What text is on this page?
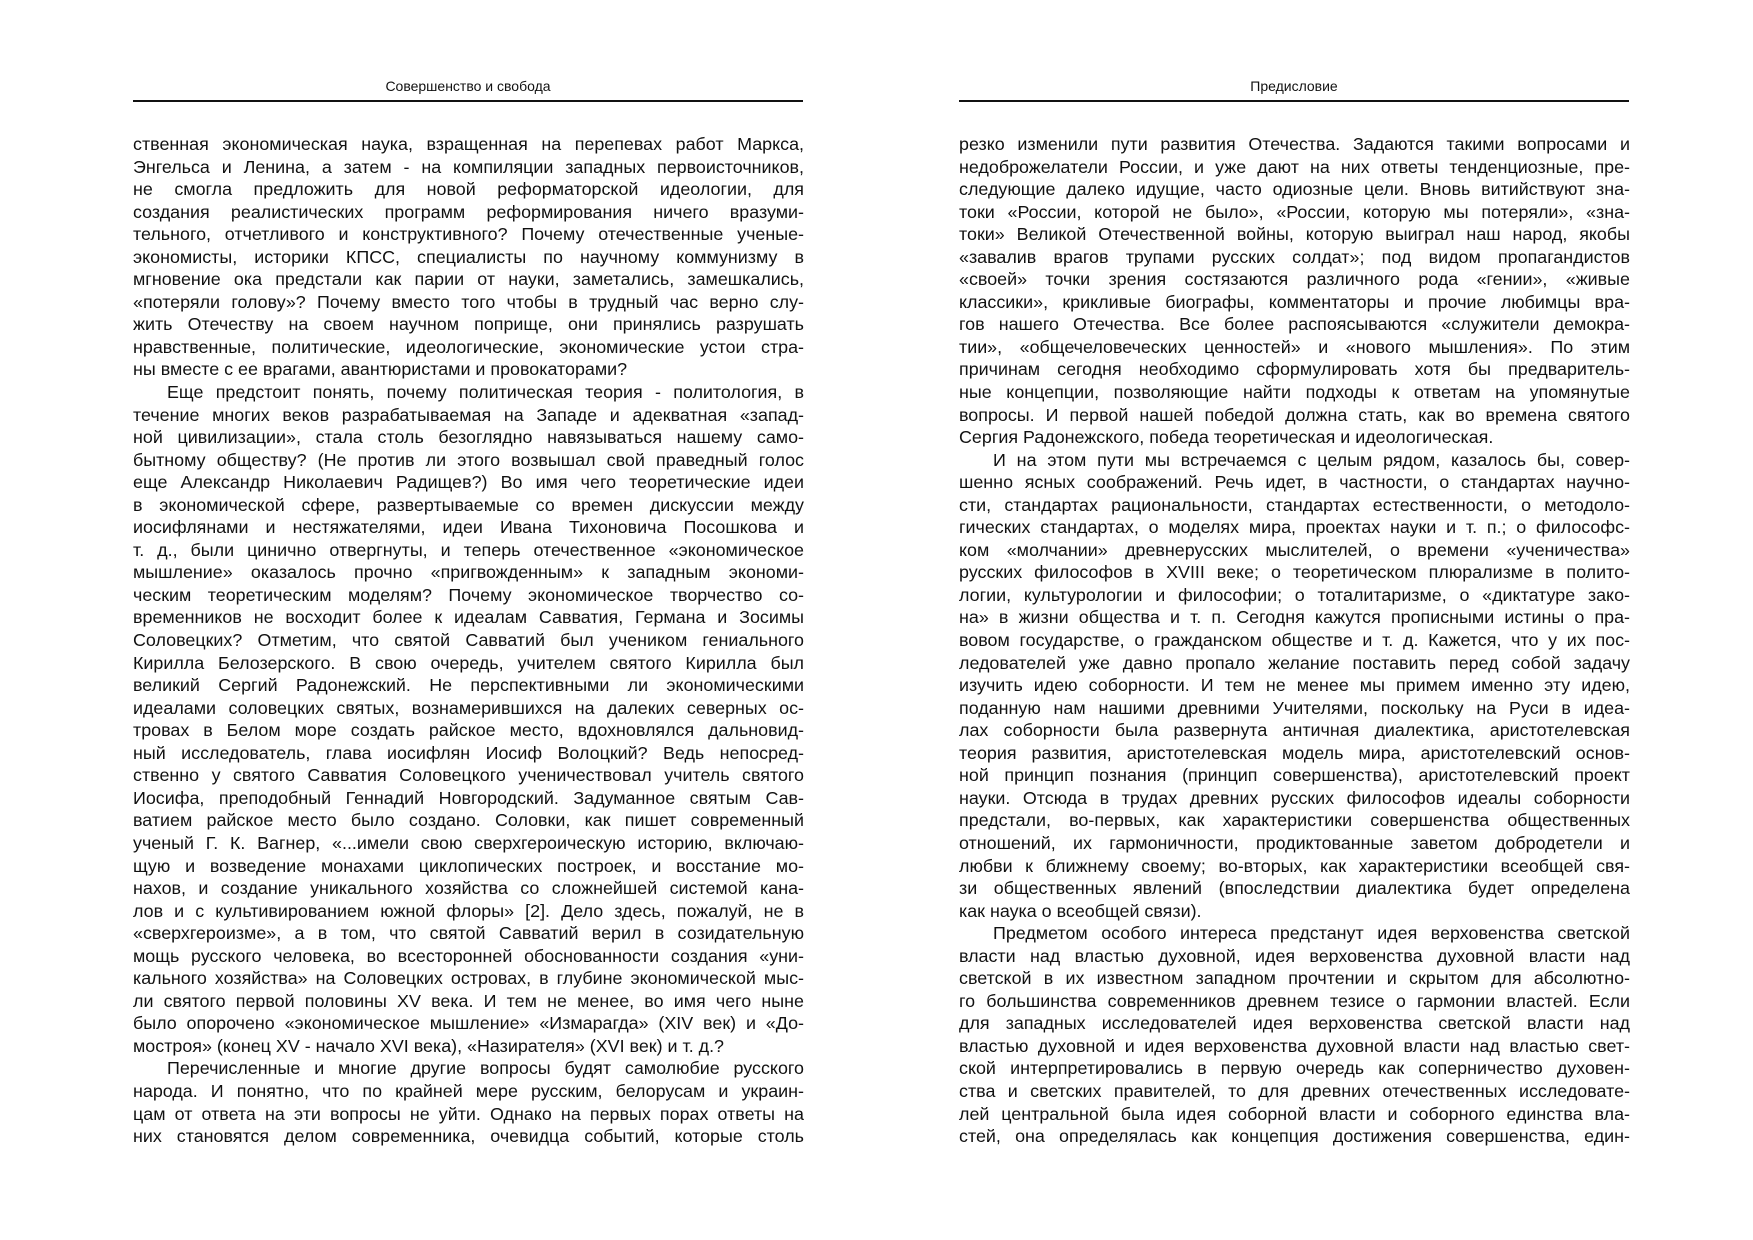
Совершенство и свобода
ственная экономическая наука, взращенная на перепевах работ Маркса,
Энгельса и Ленина, а затем - на компиляции западных первоисточников,
не смогла предложить для новой реформаторской идеологии, для
создания реалистических программ реформирования ничего вразуми-
тельного, отчетливого и конструктивного? Почему отечественные ученые-
экономисты, историки КПСС, специалисты по научному коммунизму в
мгновение ока предстали как парии от науки, заметались, замешкались,
«потеряли голову»? Почему вместо того чтобы в трудный час верно слу-
жить Отечеству на своем научном поприще, они принялись разрушать
нравственные, политические, идеологические, экономические устои стра-
ны вместе с ее врагами, авантюристами и провокаторами?
Еще предстоит понять, почему политическая теория - политология, в
течение многих веков разрабатываемая на Западе и адекватная «запад-
ной цивилизации», стала столь безоглядно навязываться нашему само-
бытному обществу? (Не против ли этого возвышал свой праведный голос
еще Александр Николаевич Радищев?) Во имя чего теоретические идеи
в экономической сфере, развертываемые со времен дискуссии между
иосифлянами и нестяжателями, идеи Ивана Тихоновича Посошкова и
т. д., были цинично отвергнуты, и теперь отечественное «экономическое
мышление» оказалось прочно «пригвожденным» к западным экономи-
ческим теоретическим моделям? Почему экономическое творчество со-
временников не восходит более к идеалам Савватия, Германа и Зосимы
Соловецких? Отметим, что святой Савватий был учеником гениального
Кирилла Белозерского. В свою очередь, учителем святого Кирилла был
великий Сергий Радонежский. Не перспективными ли экономическими
идеалами соловецких святых, вознамерившихся на далеких северных ос-
тровах в Белом море создать райское место, вдохновлялся дальновид-
ный исследователь, глава иосифлян Иосиф Волоцкий? Ведь непосред-
ственно у святого Савватия Соловецкого ученичествовал учитель святого
Иосифа, преподобный Геннадий Новгородский. Задуманное святым Сав-
ватием райское место было создано. Соловки, как пишет современный
ученый Г. К. Вагнер, «...имели свою сверхгероическую историю, включаю-
щую и возведение монахами циклопических построек, и восстание мо-
нахов, и создание уникального хозяйства со сложнейшей системой кана-
лов и с культивированием южной флоры» [2]. Дело здесь, пожалуй, не в
«сверхгероизме», а в том, что святой Савватий верил в созидательную
мощь русского человека, во всесторонней обоснованности создания «уни-
кального хозяйства» на Соловецких островах, в глубине экономической мыс-
ли святого первой половины XV века. И тем не менее, во имя чего ныне
было опорочено «экономическое мышление» «Измарагда» (XIV век) и «До-
мостроя» (конец XV - начало XVI века), «Назирателя» (XVI век) и т. д.?
Перечисленные и многие другие вопросы будят самолюбие русского
народа. И понятно, что по крайней мере русским, белорусам и украин-
цам от ответа на эти вопросы не уйти. Однако на первых порах ответы на
них становятся делом современника, очевидца событий, которые столь
Предисловие
резко изменили пути развития Отечества. Задаются такими вопросами и
недоброжелатели России, и уже дают на них ответы тенденциозные, пре-
следующие далеко идущие, часто одиозные цели. Вновь витийствуют зна-
токи «России, которой не было», «России, которую мы потеряли», «зна-
токи» Великой Отечественной войны, которую выиграл наш народ, якобы
«завалив врагов трупами русских солдат»; под видом пропагандистов
«своей» точки зрения состязаются различного рода «гении», «живые
классики», крикливые биографы, комментаторы и прочие любимцы вра-
гов нашего Отечества. Все более распоясываются «служители демокра-
тии», «общечеловеческих ценностей» и «нового мышления». По этим
причинам сегодня необходимо сформулировать хотя бы предваритель-
ные концепции, позволяющие найти подходы к ответам на упомянутые
вопросы. И первой нашей победой должна стать, как во времена святого
Сергия Радонежского, победа теоретическая и идеологическая.
И на этом пути мы встречаемся с целым рядом, казалось бы, совер-
шенно ясных соображений. Речь идет, в частности, о стандартах научно-
сти, стандартах рациональности, стандартах естественности, о методоло-
гических стандартах, о моделях мира, проектах науки и т. п.; о философс-
ком «молчании» древнерусских мыслителей, о времени «ученичества»
русских философов в XVIII веке; о теоретическом плюрализме в полито-
логии, культурологии и философии; о тоталитаризме, о «диктатуре зако-
на» в жизни общества и т. п. Сегодня кажутся прописными истины о пра-
вовом государстве, о гражданском обществе и т. д. Кажется, что у их пос-
ледователей уже давно пропало желание поставить перед собой задачу
изучить идею соборности. И тем не менее мы примем именно эту идею,
поданную нам нашими древними Учителями, поскольку на Руси в идеа-
лах соборности была развернута античная диалектика, аристотелевская
теория развития, аристотелевская модель мира, аристотелевский основ-
ной принцип познания (принцип совершенства), аристотелевский проект
науки. Отсюда в трудах древних русских философов идеалы соборности
предстали, во-первых, как характеристики совершенства общественных
отношений, их гармоничности, продиктованные заветом добродетели и
любви к ближнему своему; во-вторых, как характеристики всеобщей свя-
зи общественных явлений (впоследствии диалектика будет определена
как наука о всеобщей связи).
Предметом особого интереса предстанут идея верховенства светской
власти над властью духовной, идея верховенства духовной власти над
светской в их известном западном прочтении и скрытом для абсолютно-
го большинства современников древнем тезисе о гармонии властей. Если
для западных исследователей идея верховенства светской власти над
властью духовной и идея верховенства духовной власти над властью свет-
ской интерпретировались в первую очередь как соперничество духовен-
ства и светских правителей, то для древних отечественных исследовате-
лей центральной была идея соборной власти и соборного единства вла-
стей, она определялась как концепция достижения совершенства, един-
